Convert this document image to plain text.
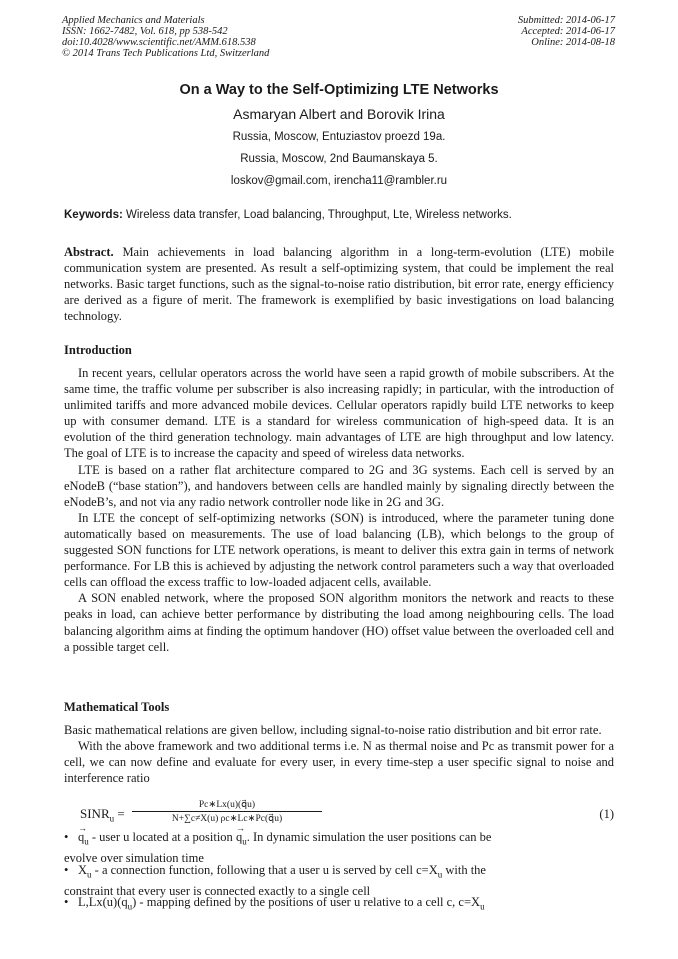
Applied Mechanics and Materials
ISSN: 1662-7482, Vol. 618, pp 538-542
doi:10.4028/www.scientific.net/AMM.618.538
© 2014 Trans Tech Publications Ltd, Switzerland
Submitted: 2014-06-17
Accepted: 2014-06-17
Online: 2014-08-18
On a Way to the Self-Optimizing LTE Networks
Asmaryan Albert and Borovik Irina
Russia, Moscow, Entuziastov proezd 19a.
Russia, Moscow, 2nd Baumanskaya 5.
loskov@gmail.com, irencha11@rambler.ru
Keywords: Wireless data transfer, Load balancing, Throughput, Lte, Wireless networks.

Abstract. Main achievements in load balancing algorithm in a long-term-evolution (LTE) mobile communication system are presented. As result a self-optimizing system, that could be implement the real networks. Basic target functions, such as the signal-to-noise ratio distribution, bit error rate, energy efficiency are derived as a figure of merit. The framework is exemplified by basic investigations on load balancing technology.

Introduction

In recent years, cellular operators across the world have seen a rapid growth of mobile subscribers. At the same time, the traffic volume per subscriber is also increasing rapidly; in particular, with the introduction of unlimited tariffs and more advanced mobile devices. Cellular operators rapidly build LTE networks to keep up with consumer demand. LTE is a standard for wireless communication of high-speed data. It is an evolution of the third generation technology. main advantages of LTE are high throughput and low latency. The goal of LTE is to increase the capacity and speed of wireless data networks.

LTE is based on a rather flat architecture compared to 2G and 3G systems. Each cell is served by an eNodeB (“base station”), and handovers between cells are handled mainly by signaling directly between the eNodeB’s, and not via any radio network controller node like in 2G and 3G.

In LTE the concept of self-optimizing networks (SON) is introduced, where the parameter tuning done automatically based on measurements. The use of load balancing (LB), which belongs to the group of suggested SON functions for LTE network operations, is meant to deliver this extra gain in terms of network performance. For LB this is achieved by adjusting the network control parameters such a way that overloaded cells can offload the excess traffic to low-loaded adjacent cells, available.

A SON enabled network, where the proposed SON algorithm monitors the network and reacts to these peaks in load, can achieve better performance by distributing the load among neighbouring cells. The load balancing algorithm aims at finding the optimum handover (HO) offset value between the overloaded cell and a possible target cell.

Mathematical Tools

Basic mathematical relations are given bellow, including signal-to-noise ratio distribution and bit error rate.

With the above framework and two additional terms i.e. N as thermal noise and Pc as transmit power for a cell, we can now define and evaluate for every user, in every time-step a user specific signal to noise and interference ratio

$SINR_u = \frac{Pc∗Lx(u)(q⃗u)}{N+\sum c\ne X(u) \rho c∗Lc∗Pc(q⃗u)}$	(1)
•→ $q_u$ - user u located at a position → $q_u$. In dynamic simulation the user positions can be
evolve over simulation time
• $X_u$ - a connection function, following that a user u is served by cell $c=X_u$ with the
constraint that every user is connected exactly to a single cell
• $L,Lx(u)(q_u)$ - mapping defined by the positions of user u relative to a cell c, $c=X_u$
